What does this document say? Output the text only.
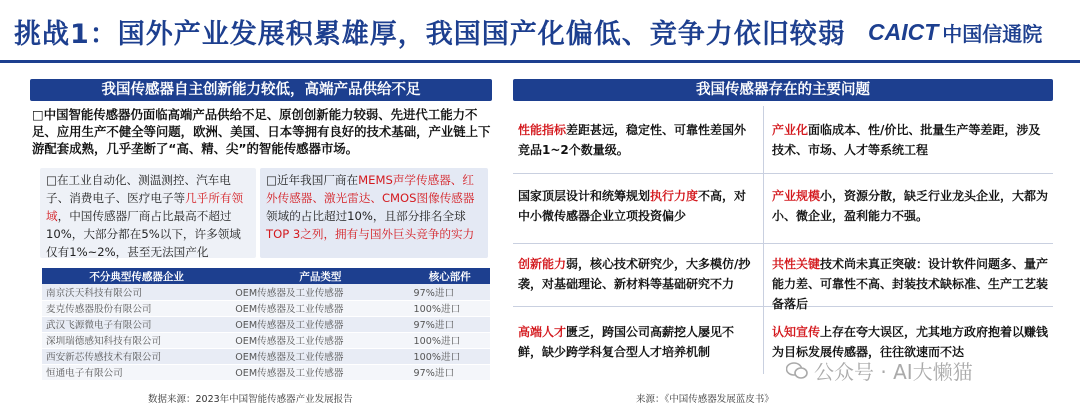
挑战1：国外产业发展积累雄厚，我国国产化偏低、竞争力依旧较弱 CAICT 中国信通院
我国传感器自主创新能力较低，高端产品供给不足
□中国智能传感器仍面临高端产品供给不足、原创创新能力较弱、先进代工能力不足、应用生产不健全等问题，欧洲、美国、日本等拥有良好的技术基础，产业链上下游配套成熟，几乎垄断了“高、精、尖”的智能传感器市场。
□在工业自动化、测温测控、汽车电子、消费电子、医疗电子等几乎所有领域，中国传感器厂商占比最高不超过10%，大部分都在5%以下，许多领域仅有1%~2%，甚至无法国产化
□近年我国厂商在MEMS声学传感器、红外传感器、激光雷达、CMOS图像传感器领域的占比超过10%，且部分排名全球TOP 3之列，拥有与国外巨头竞争的实力
不分典型传感器企业	产品类型	核心部件
南京沃天科技有限公司	OEM传感器及工业传感器	97%进口
麦克传感器股份有限公司	OEM传感器及工业传感器	100%进口
武汉飞源微电子有限公司	OEM传感器及工业传感器	97%进口
深圳瑞德感知科技有限公司	OEM传感器及工业传感器	100%进口
西安新芯传感技术有限公司	OEM传感器及工业传感器	100%进口
恒通电子有限公司	OEM传感器及工业传感器	97%进口
数据来源：2023年中国智能传感器产业发展报告
我国传感器存在的主要问题
性能指标差距甚远，稳定性、可靠性差国外竞品1~2个数量级。
产业化面临成本、性/价比、批量生产等差距，涉及技术、市场、人才等系统工程
国家顶层设计和统筹规划执行力度不高，对中小微传感器企业立项投资偏少
产业规模小，资源分散，缺乏行业龙头企业，大都为小、微企业，盈利能力不强。
创新能力弱，核心技术研究少，大多模仿/抄袭，对基础理论、新材料等基础研究不力
共性关键技术尚未真正突破：设计软件问题多、量产能力差、可靠性不高、封装技术缺标准、生产工艺装备落后
高端人才匮乏，跨国公司高薪挖人屡见不鲜，缺少跨学科复合型人才培养机制
认知宣传上存在夸大误区，尤其地方政府抱着以赚钱为目标发展传感器，往往欲速而不达
来源：《中国传感器发展蓝皮书》
公众号 · AI大懒猫
